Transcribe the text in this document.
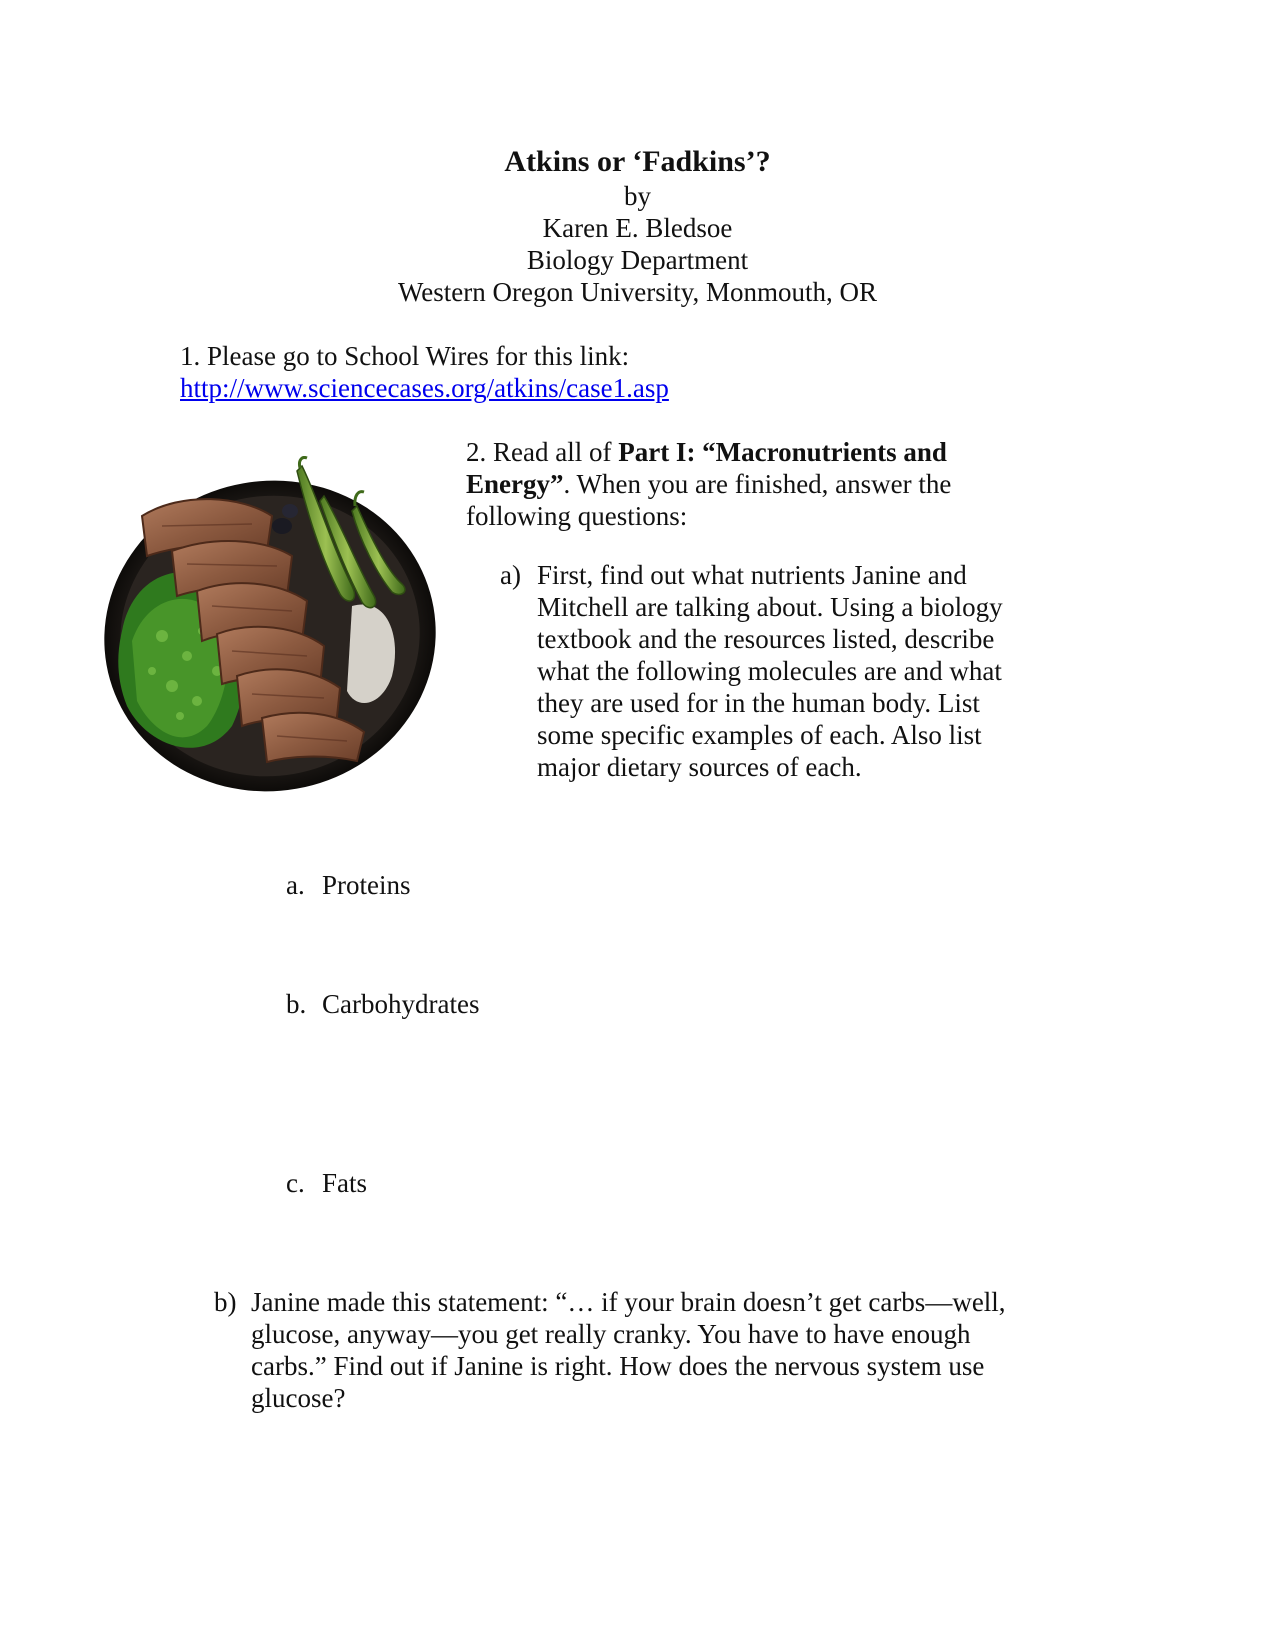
Atkins or ‘Fadkins’?
by
Karen E. Bledsoe
Biology Department
Western Oregon University, Monmouth, OR
1. Please go to School Wires for this link:
http://www.sciencecases.org/atkins/case1.asp
2. Read all of Part I: “Macronutrients and
Energy”. When you are finished, answer the
following questions:
a) First, find out what nutrients Janine and
Mitchell are talking about. Using a biology
textbook and the resources listed, describe
what the following molecules are and what
they are used for in the human body. List
some specific examples of each. Also list
major dietary sources of each.
a. Proteins
b. Carbohydrates
c. Fats
b) Janine made this statement: “… if your brain doesn’t get carbs—well,
glucose, anyway—you get really cranky. You have to have enough
carbs.” Find out if Janine is right. How does the nervous system use
glucose?
